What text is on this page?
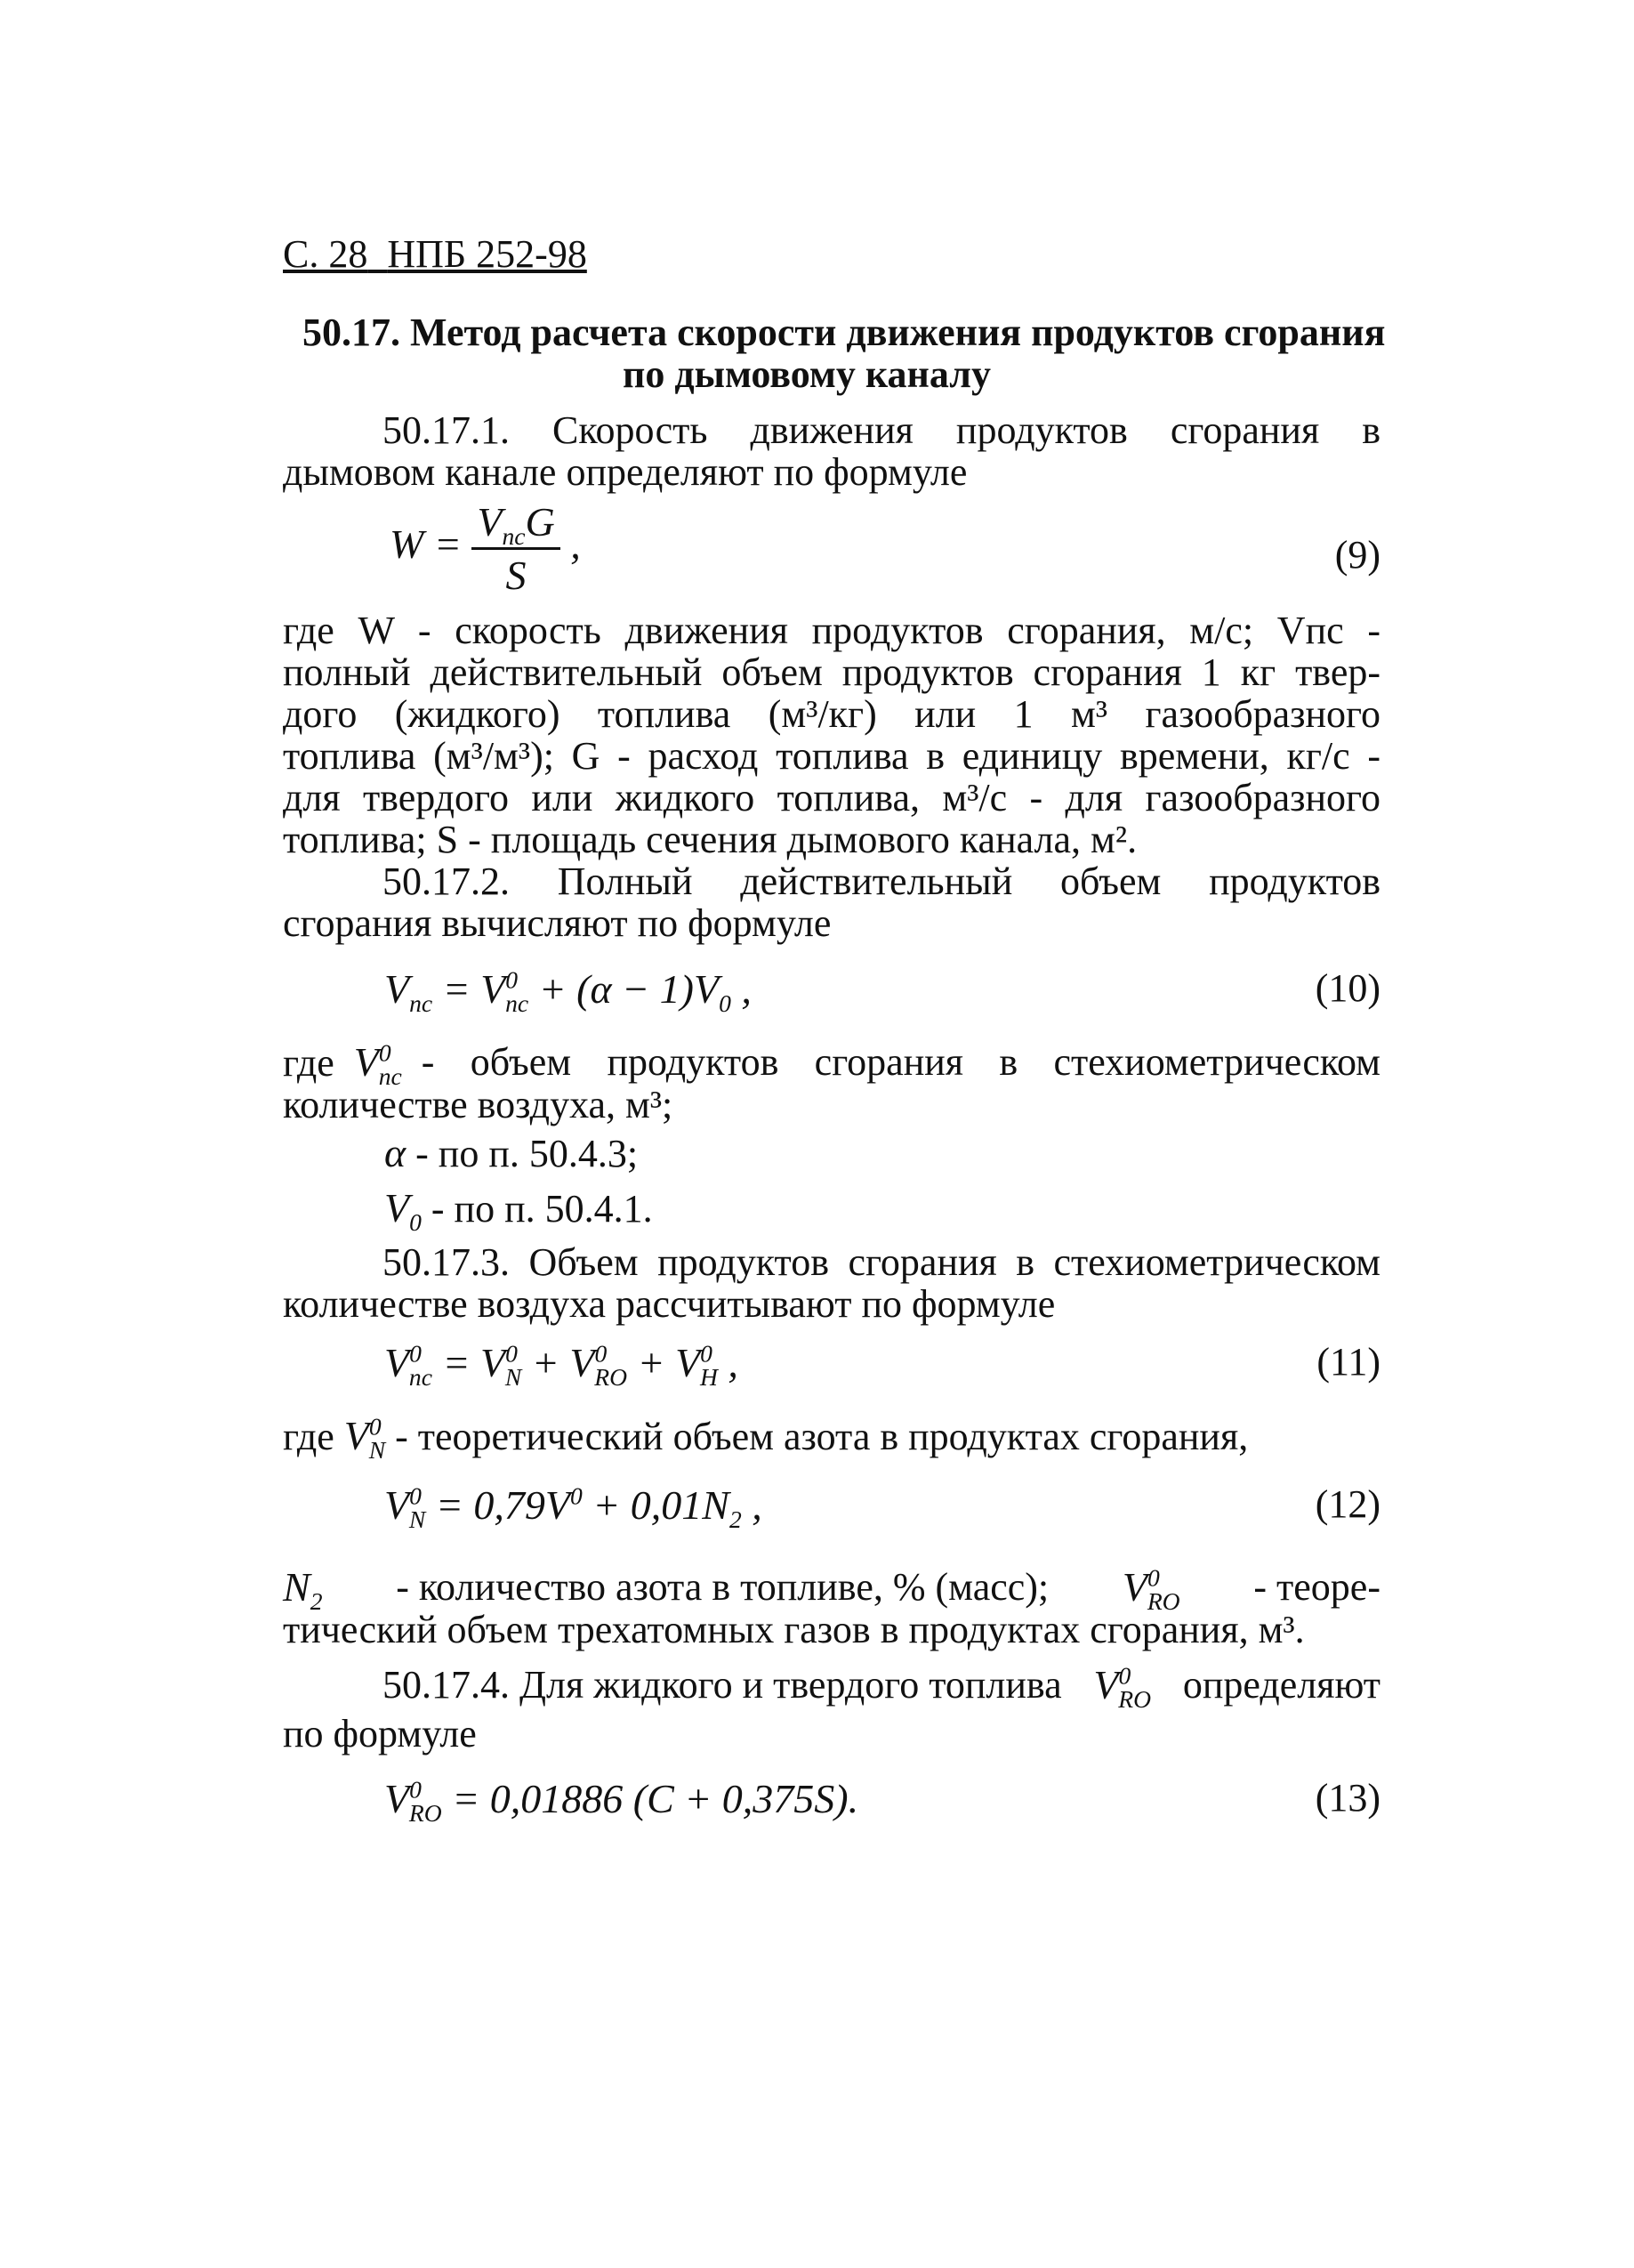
С. 28 НПБ 252-98
50.17. Метод расчета скорости движения продуктов сгорания
по дымовому каналу
50.17.1. Скорость движения продуктов сгорания в
дымовом канале определяют по формуле
$W = \frac{V_{пс}G}{S}$ ,	(9)
где W - скорость движения продуктов сгорания, м/с; Vпс -
полный действительный объем продуктов сгорания 1 кг твер-
дого (жидкого) топлива (м³/кг) или 1 м³ газообразного
топлива (м³/м³); G - расход топлива в единицу времени, кг/с -
для твердого или жидкого топлива, м³/с - для газообразного
топлива; S - площадь сечения дымового канала, м².
50.17.2. Полный действительный объем продуктов
сгорания вычисляют по формуле
$V_{пс} = V^0_{пс} + (\alpha - 1)V_0$ ,	(10)
где  $V^0_{пс}$ - объем продуктов сгорания в стехиометрическом
количестве воздуха, м³;
α - по п. 50.4.3;
$V_0$ - по п. 50.4.1.
50.17.3. Объем продуктов сгорания в стехиометрическом
количестве воздуха рассчитывают по формуле
$V^0_{пс} = V^0_N + V^0_{RO} + V^0_H$ ,	(11)
где $V^0_N$ - теоретический объем азота в продуктах сгорания,
$V^0_N = 0,79V^0 + 0,01N_2$ ,	(12)
$N_2$ - количество азота в топливе, % (масс); $V^0_{RO}$ - теоре-
тический объем трехатомных газов в продуктах сгорания, м³.
50.17.4. Для жидкого и твердого топлива $V^0_{RO}$ определяют
по формуле
$V^0_{RO} = 0,01886$ (C + 0,375S).	(13)
